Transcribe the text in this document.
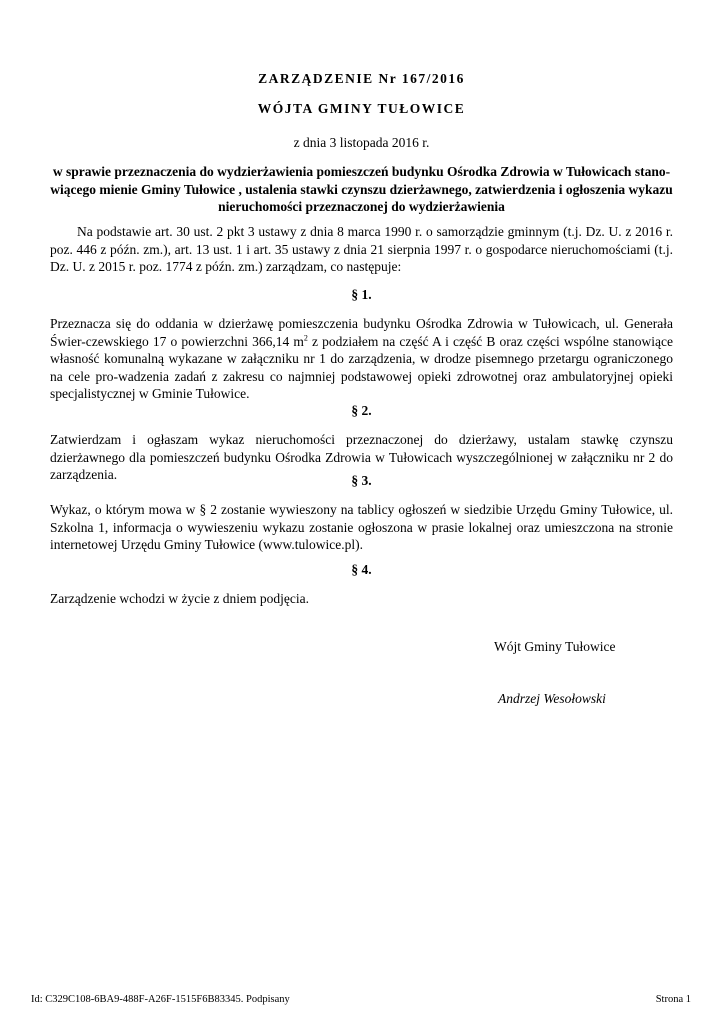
ZARZĄDZENIE Nr 167/2016
WÓJTA GMINY TUŁOWICE
z dnia 3 listopada 2016 r.
w sprawie przeznaczenia do wydzierżawienia pomieszczeń budynku Ośrodka Zdrowia w Tułowicach stano-wiącego mienie Gminy Tułowice , ustalenia stawki czynszu dzierżawnego, zatwierdzenia i ogłoszenia wykazu nieruchomości przeznaczonej do wydzierżawienia

Na podstawie art. 30 ust. 2 pkt 3 ustawy z dnia 8 marca 1990 r. o samorządzie gminnym (t.j. Dz. U. z 2016 r. poz. 446 z późn. zm.), art. 13 ust. 1 i art. 35 ustawy z dnia 21 sierpnia 1997 r. o gospodarce nieruchomościami (t.j. Dz. U. z 2015 r. poz. 1774 z późn. zm.) zarządzam, co następuje:

§ 1.

Przeznacza się do oddania w dzierżawę pomieszczenia budynku Ośrodka Zdrowia w Tułowicach, ul. Generała Świer-czewskiego 17 o powierzchni 366,14 $m^2$ z podziałem na część A i część B oraz części wspólne stanowiące własność komunalną wykazane w załączniku nr 1 do zarządzenia, w drodze pisemnego przetargu ograniczonego na cele pro-wadzenia zadań z zakresu co najmniej podstawowej opieki zdrowotnej oraz ambulatoryjnej opieki specjalistycznej w Gminie Tułowice.

§ 2.

Zatwierdzam i ogłaszam wykaz nieruchomości przeznaczonej do dzierżawy, ustalam stawkę czynszu dzierżawnego dla pomieszczeń budynku Ośrodka Zdrowia w Tułowicach wyszczególnionej w załączniku nr 2 do zarządzenia.	§ 3.

Wykaz, o którym mowa w § 2 zostanie wywieszony na tablicy ogłoszeń w siedzibie Urzędu Gminy Tułowice, ul. Szkolna 1, informacja o wywieszeniu wykazu zostanie ogłoszona w prasie lokalnej oraz umieszczona na stronie internetowej Urzędu Gminy Tułowice (www.tulowice.pl).

§ 4.

Zarządzenie wchodzi w życie z dniem podjęcia.

Wójt Gminy Tułowice
Andrzej Wesołowski
Id: C329C108-6BA9-488F-A26F-1515F6B83345. Podpisany	Strona 1
